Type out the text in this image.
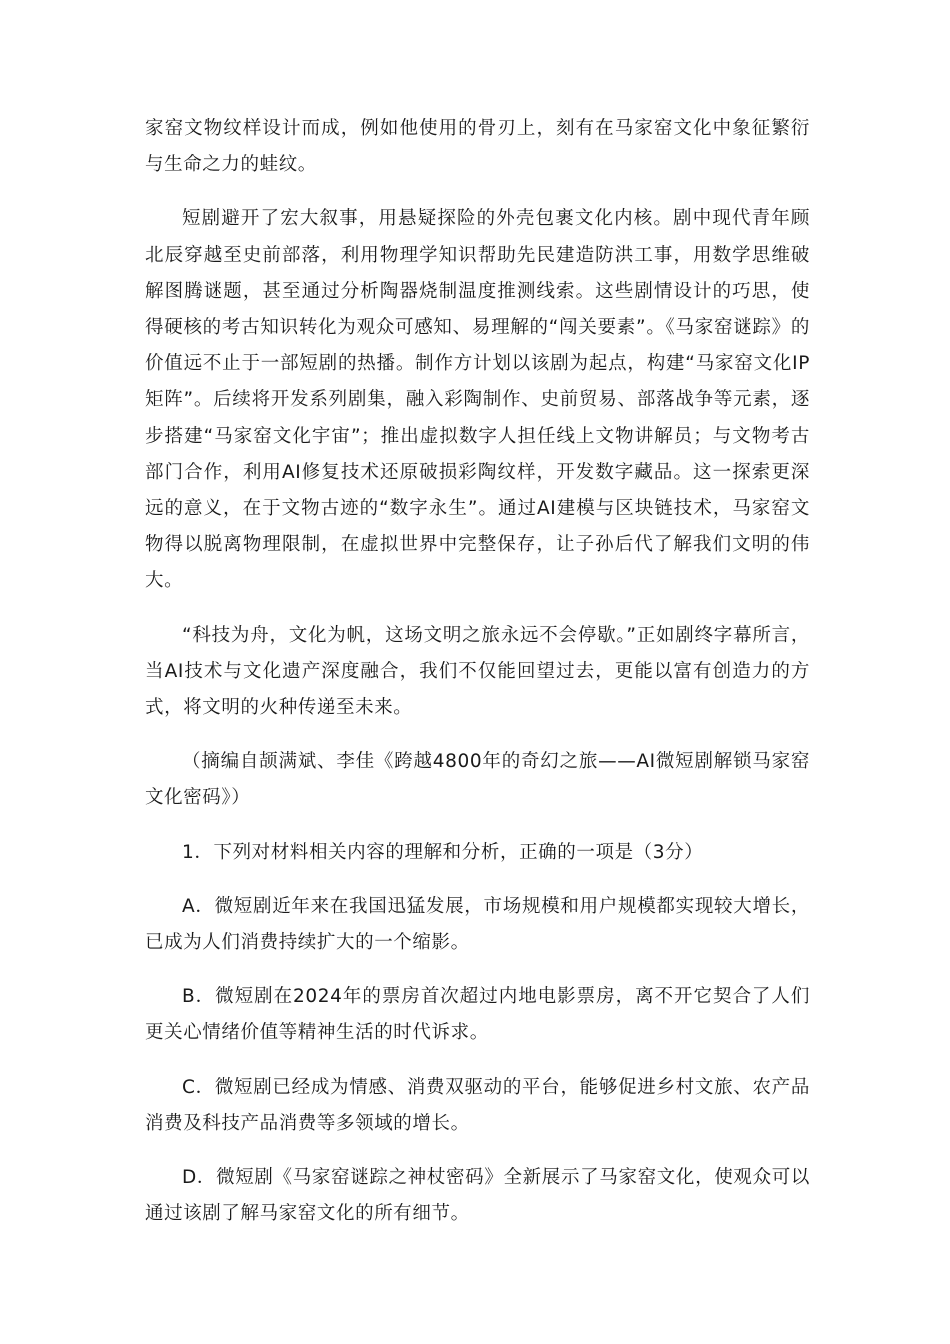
家窑文物纹样设计而成，例如他使用的骨刃上，刻有在马家窑文化中象征繁衍与生命之力的蛙纹。

短剧避开了宏大叙事，用悬疑探险的外壳包裹文化内核。剧中现代青年顾北辰穿越至史前部落，利用物理学知识帮助先民建造防洪工事，用数学思维破解图腾谜题，甚至通过分析陶器烧制温度推测线索。这些剧情设计的巧思，使得硬核的考古知识转化为观众可感知、易理解的“闯关要素”。《马家窑谜踪》的价值远不止于一部短剧的热播。制作方计划以该剧为起点，构建“马家窑文化IP矩阵”。后续将开发系列剧集，融入彩陶制作、史前贸易、部落战争等元素，逐步搭建“马家窑文化宇宙”；推出虚拟数字人担任线上文物讲解员；与文物考古部门合作，利用AI修复技术还原破损彩陶纹样，开发数字藏品。这一探索更深远的意义，在于文物古迹的“数字永生”。通过AI建模与区块链技术，马家窑文物得以脱离物理限制，在虚拟世界中完整保存，让子孙后代了解我们文明的伟大。

“科技为舟，文化为帆，这场文明之旅永远不会停歇。”正如剧终字幕所言，当AI技术与文化遗产深度融合，我们不仅能回望过去，更能以富有创造力的方式，将文明的火种传递至未来。

（摘编自颉满斌、李佳《跨越4800年的奇幻之旅——AI微短剧解锁马家窑文化密码》）

1．下列对材料相关内容的理解和分析，正确的一项是（3分）

A．微短剧近年来在我国迅猛发展，市场规模和用户规模都实现较大增长，已成为人们消费持续扩大的一个缩影。

B．微短剧在2024年的票房首次超过内地电影票房，离不开它契合了人们更关心情绪价值等精神生活的时代诉求。

C．微短剧已经成为情感、消费双驱动的平台，能够促进乡村文旅、农产品消费及科技产品消费等多领域的增长。

D．微短剧《马家窑谜踪之神杖密码》全新展示了马家窑文化，使观众可以通过该剧了解马家窑文化的所有细节。
